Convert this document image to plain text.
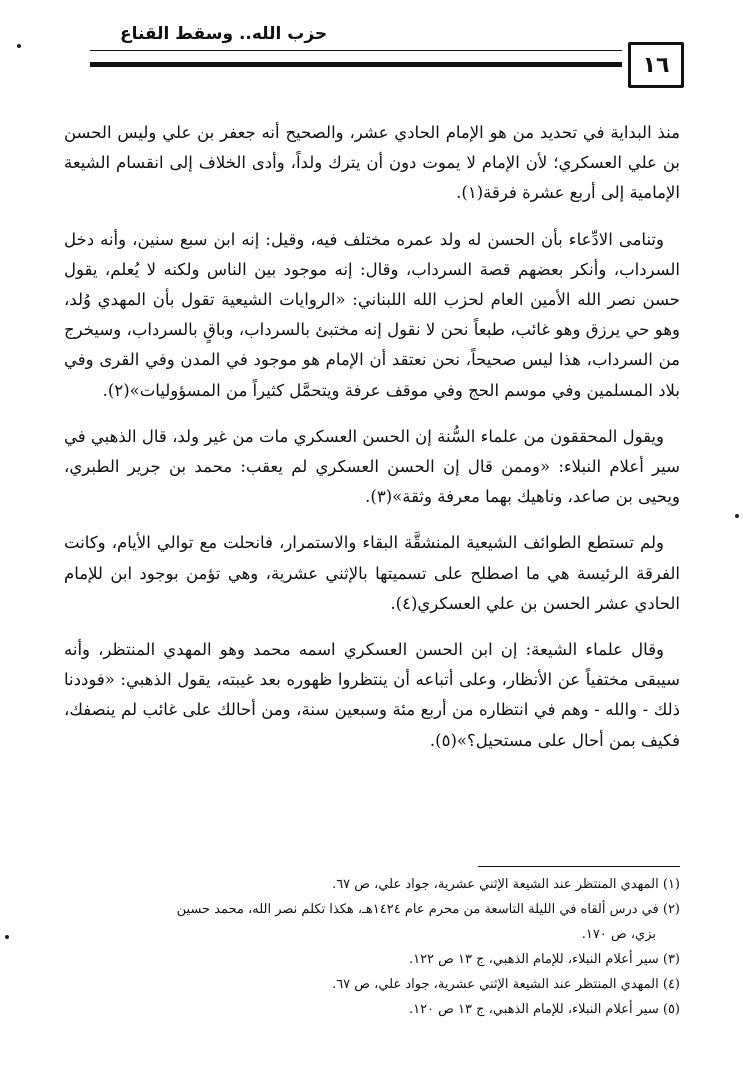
حزب الله.. وسقط القناع
١٦

منذ البداية في تحديد من هو الإمام الحادي عشر، والصحيح أنه جعفر بن علي وليس الحسن بن علي العسكري؛ لأن الإمام لا يموت دون أن يترك ولداً، وأدى الخلاف إلى انقسام الشيعة الإمامية إلى أربع عشرة فرقة(١).

وتنامى الادِّعاء بأن الحسن له ولد عمره مختلف فيه، وقيل: إنه ابن سبع سنين، وأنه دخل السرداب، وأنكر بعضهم قصة السرداب، وقال: إنه موجود بين الناس ولكنه لا يُعلم، يقول حسن نصر الله الأمين العام لحزب الله اللبناني: «الروايات الشيعية تقول بأن المهدي وُلد، وهو حي يرزق وهو غائب، طبعاً نحن لا نقول إنه مختبئ بالسرداب، وباقٍ بالسرداب، وسيخرج من السرداب، هذا ليس صحيحاً، نحن نعتقد أن الإمام هو موجود في المدن وفي القرى وفي بلاد المسلمين وفي موسم الحج وفي موقف عرفة ويتحمَّل كثيراً من المسؤوليات»(٢).

ويقول المحققون من علماء السُّنة إن الحسن العسكري مات من غير ولد، قال الذهبي في سير أعلام النبلاء: «وممن قال إن الحسن العسكري لم يعقب: محمد بن جرير الطبري، ويحيى بن صاعد، وناهيك بهما معرفة وثقة»(٣).

ولم تستطع الطوائف الشيعية المنشقَّة البقاء والاستمرار، فانحلت مع توالي الأيام، وكانت الفرقة الرئيسة هي ما اصطلح على تسميتها بالإثني عشرية، وهي تؤمن بوجود ابن للإمام الحادي عشر الحسن بن علي العسكري(٤).

وقال علماء الشيعة: إن ابن الحسن العسكري اسمه محمد وهو المهدي المنتظر، وأنه سيبقى مختفياً عن الأنظار، وعلى أتباعه أن ينتظروا ظهوره بعد غيبته، يقول الذهبي: «فوددنا ذلك - والله - وهم في انتظاره من أربع مئة وسبعين سنة، ومن أحالك على غائب لم ينصفك، فكيف بمن أحال على مستحيل؟»(٥).

(١) المهدي المنتظر عند الشيعة الإثني عشرية، جواد علي، ص ٦٧.

(٢) في درس ألقاه في الليلة التاسعة من محرم عام ١٤٢٤هـ، هكذا تكلم نصر الله، محمد حسين

بزي، ص ١٧٠.

(٣) سير أعلام النبلاء، للإمام الذهبي، ج ١٣ ص ١٢٢.

(٤) المهدي المنتظر عند الشيعة الإثني عشرية، جواد علي، ص ٦٧.

(٥) سير أعلام النبلاء، للإمام الذهبي، ج ١٣ ص ١٢٠.
